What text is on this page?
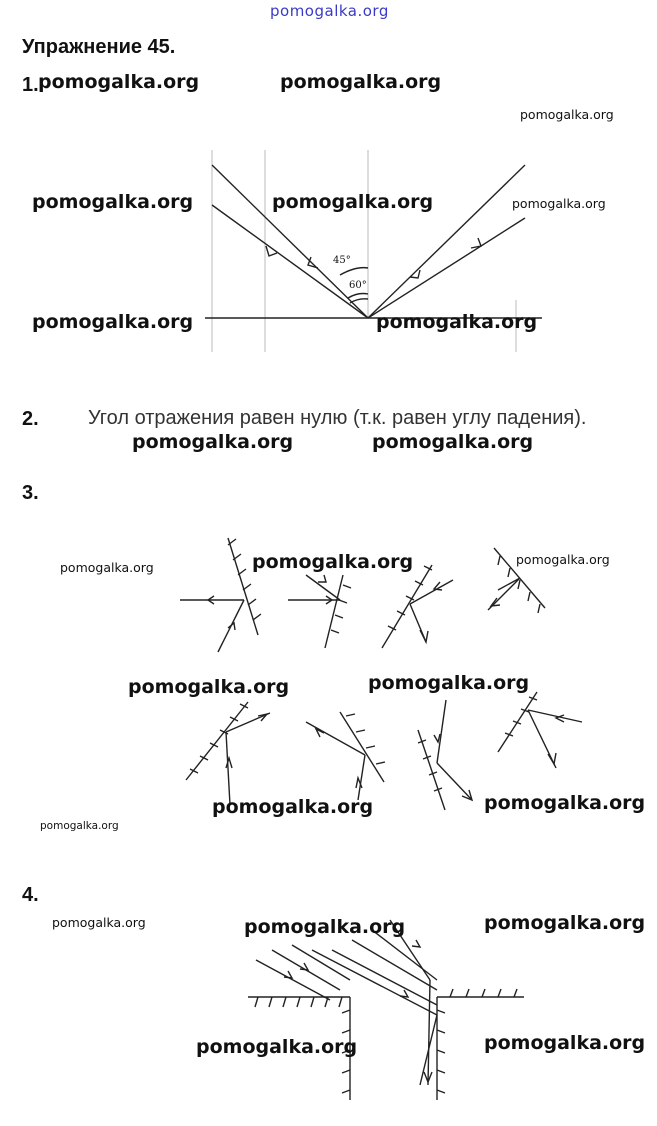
pomogalka.org
Упражнение 45.
1. pomogalka.org	pomogalka.org
pomogalka.org
45°
60°
pomogalka.org	pomogalka.org	pomogalka.org
pomogalka.org	pomogalka.org
2. Угол отражения равен нулю (т.к. равен углу падения).
pomogalka.org	pomogalka.org
3.
pomogalka.org	pomogalka.org	pomogalka.org
pomogalka.org	pomogalka.org
pomogalka.org	pomogalka.org
pomogalka.org
4.
pomogalka.org	pomogalka.org	pomogalka.org
pomogalka.org	pomogalka.org
